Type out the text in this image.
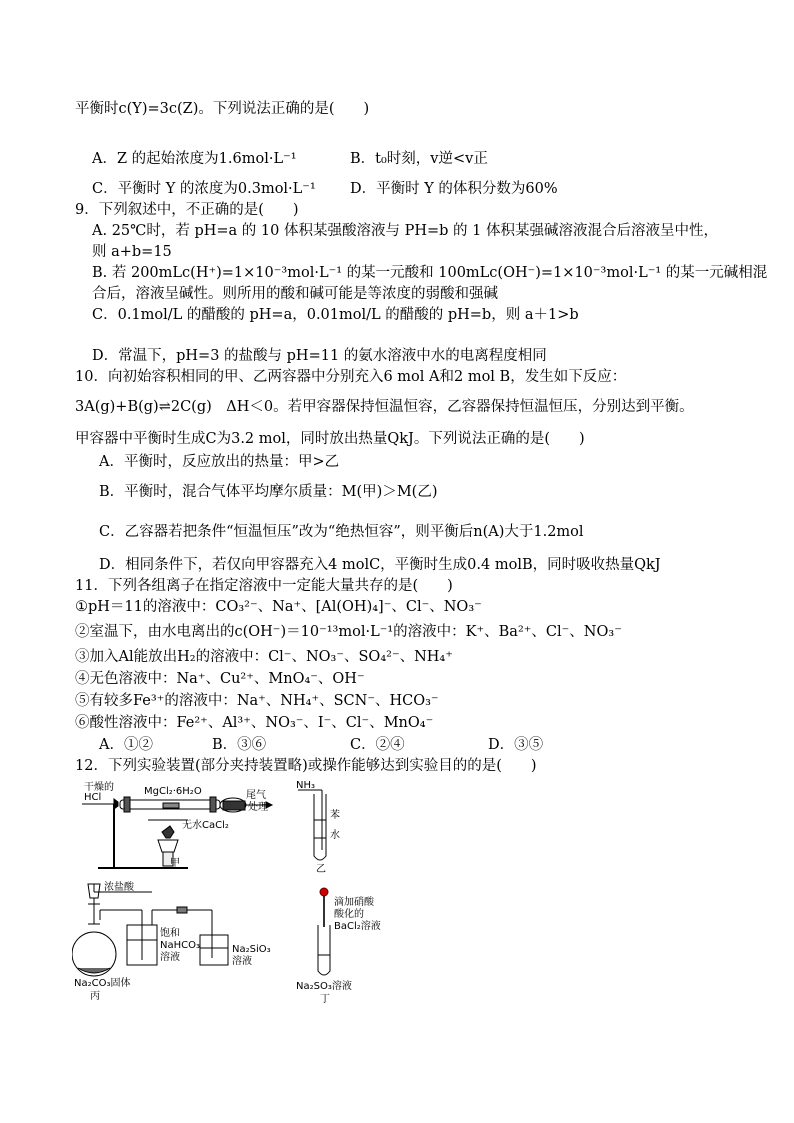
平衡时c(Y)=3c(Z)。下列说法正确的是(　　)
A．Z 的起始浓度为1.6mol·L⁻¹	B．t₀时刻，v逆<v正
C．平衡时 Y 的浓度为0.3mol·L⁻¹ D．平衡时 Y 的体积分数为60%
9．下列叙述中，不正确的是(　　)
A. 25℃时，若 pH=a 的 10 体积某强酸溶液与 PH=b 的 1 体积某强碱溶液混合后溶液呈中性，
则 a+b=15
B. 若 200mLc(H⁺)=1×10⁻³mol·L⁻¹ 的某一元酸和 100mLc(OH⁻)=1×10⁻³mol·L⁻¹ 的某一元碱相混
合后，溶液呈碱性。则所用的酸和碱可能是等浓度的弱酸和强碱
C．0.1mol/L 的醋酸的 pH=a，0.01mol/L 的醋酸的 pH=b，则 a＋1>b
D．常温下，pH=3 的盐酸与 pH=11 的氨水溶液中水的电离程度相同
10．向初始容积相同的甲、乙两容器中分别充入6 mol A和2 mol B，发生如下反应：
3A(g)+B(g)⇌2C(g)　ΔH＜0。若甲容器保持恒温恒容，乙容器保持恒温恒压，分别达到平衡。
甲容器中平衡时生成C为3.2 mol，同时放出热量QkJ。下列说法正确的是(　　)
A．平衡时，反应放出的热量：甲>乙
B．平衡时，混合气体平均摩尔质量：M(甲)＞M(乙)
C．乙容器若把条件“恒温恒压”改为“绝热恒容”，则平衡后n(A)大于1.2mol
D．相同条件下，若仅向甲容器充入4 molC，平衡时生成0.4 molB，同时吸收热量QkJ
11．下列各组离子在指定溶液中一定能大量共存的是(　　)
①pH＝11的溶液中：CO₃²⁻、Na⁺、[Al(OH)₄]⁻、Cl⁻、NO₃⁻
②室温下，由水电离出的c(OH⁻)＝10⁻¹³mol·L⁻¹的溶液中：K⁺、Ba²⁺、Cl⁻、NO₃⁻
③加入Al能放出H₂的溶液中：Cl⁻、NO₃⁻、SO₄²⁻、NH₄⁺
④无色溶液中：Na⁺、Cu²⁺、MnO₄⁻、OH⁻
⑤有较多Fe³⁺的溶液中：Na⁺、NH₄⁺、SCN⁻、HCO₃⁻
⑥酸性溶液中：Fe²⁺、Al³⁺、NO₃⁻、I⁻、Cl⁻、MnO₄⁻
A．①②	B．③⑥	C．②④	D．③⑤
12．下列实验装置(部分夹持装置略)或操作能够达到实验目的的是(　　)
干燥的
HCl
MgCl₂·6H₂O	尾气
处理
无水CaCl₂
甲
NH₃
苯
水
乙
浓盐酸
饱和
NaHCO₃
溶液
Na₂SiO₃
溶液
Na₂CO₃固体
丙
滴加硝酸
酸化的
BaCl₂溶液
Na₂SO₃溶液
丁
